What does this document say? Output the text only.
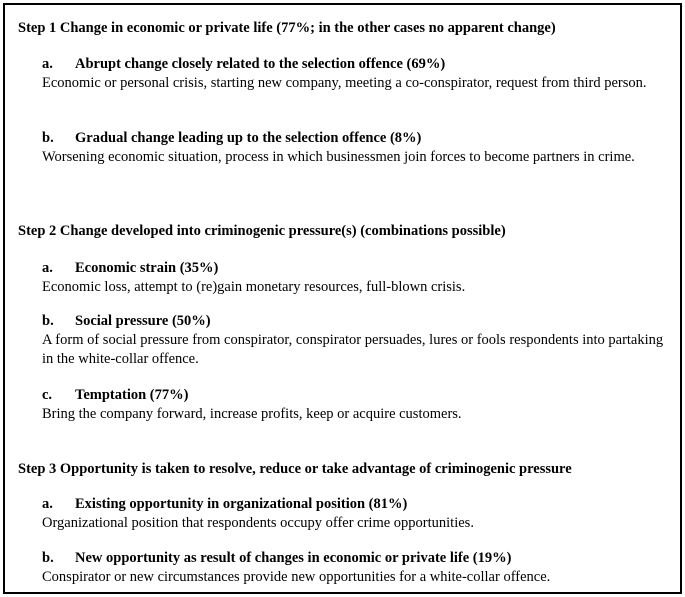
Step 1 Change in economic or private life (77%; in the other cases no apparent change)
a. Abrupt change closely related to the selection offence (69%)

Economic or personal crisis, starting new company, meeting a co-conspirator, request from third person.

b. Gradual change leading up to the selection offence (8%)

Worsening economic situation, process in which businessmen join forces to become partners in crime.

Step 2 Change developed into criminogenic pressure(s) (combinations possible)
a. Economic strain (35%)

Economic loss, attempt to (re)gain monetary resources, full-blown crisis.

b. Social pressure (50%)

A form of social pressure from conspirator, conspirator persuades, lures or fools respondents into partaking in the white-collar offence.

c. Temptation (77%)

Bring the company forward, increase profits, keep or acquire customers.

Step 3 Opportunity is taken to resolve, reduce or take advantage of criminogenic pressure
a. Existing opportunity in organizational position (81%)

Organizational position that respondents occupy offer crime opportunities.

b. New opportunity as result of changes in economic or private life (19%)

Conspirator or new circumstances provide new opportunities for a white-collar offence.
